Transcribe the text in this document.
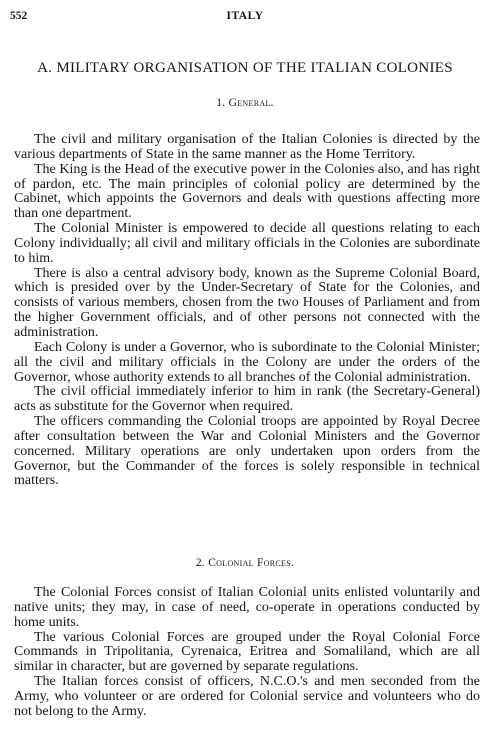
552	ITALY
A. MILITARY ORGANISATION OF THE ITALIAN COLONIES
1. General.

The civil and military organisation of the Italian Colonies is directed by the various departments of State in the same manner as the Home Territory.

The King is the Head of the executive power in the Colonies also, and has right of pardon, etc. The main principles of colonial policy are determined by the Cabinet, which appoints the Governors and deals with questions affecting more than one department.

The Colonial Minister is empowered to decide all questions relating to each Colony individually; all civil and military officials in the Colonies are subordinate to him.

There is also a central advisory body, known as the Supreme Colonial Board, which is presided over by the Under-Secretary of State for the Colonies, and consists of various members, chosen from the two Houses of Parliament and from the higher Government officials, and of other persons not connected with the administration.

Each Colony is under a Governor, who is subordinate to the Colonial Minister; all the civil and military officials in the Colony are under the orders of the Governor, whose authority extends to all branches of the Colonial administration.

The civil official immediately inferior to him in rank (the Secretary-General) acts as substitute for the Governor when required.

The officers commanding the Colonial troops are appointed by Royal Decree after consultation between the War and Colonial Ministers and the Governor concerned. Military operations are only undertaken upon orders from the Governor, but the Commander of the forces is solely responsible in technical matters.

2. Colonial Forces.

The Colonial Forces consist of Italian Colonial units enlisted voluntarily and native units; they may, in case of need, co-operate in operations conducted by home units.

The various Colonial Forces are grouped under the Royal Colonial Force Commands in Tripolitania, Cyrenaica, Eritrea and Somaliland, which are all similar in character, but are governed by separate regulations.

The Italian forces consist of officers, N.C.O.'s and men seconded from the Army, who volunteer or are ordered for Colonial service and volunteers who do not belong to the Army.
